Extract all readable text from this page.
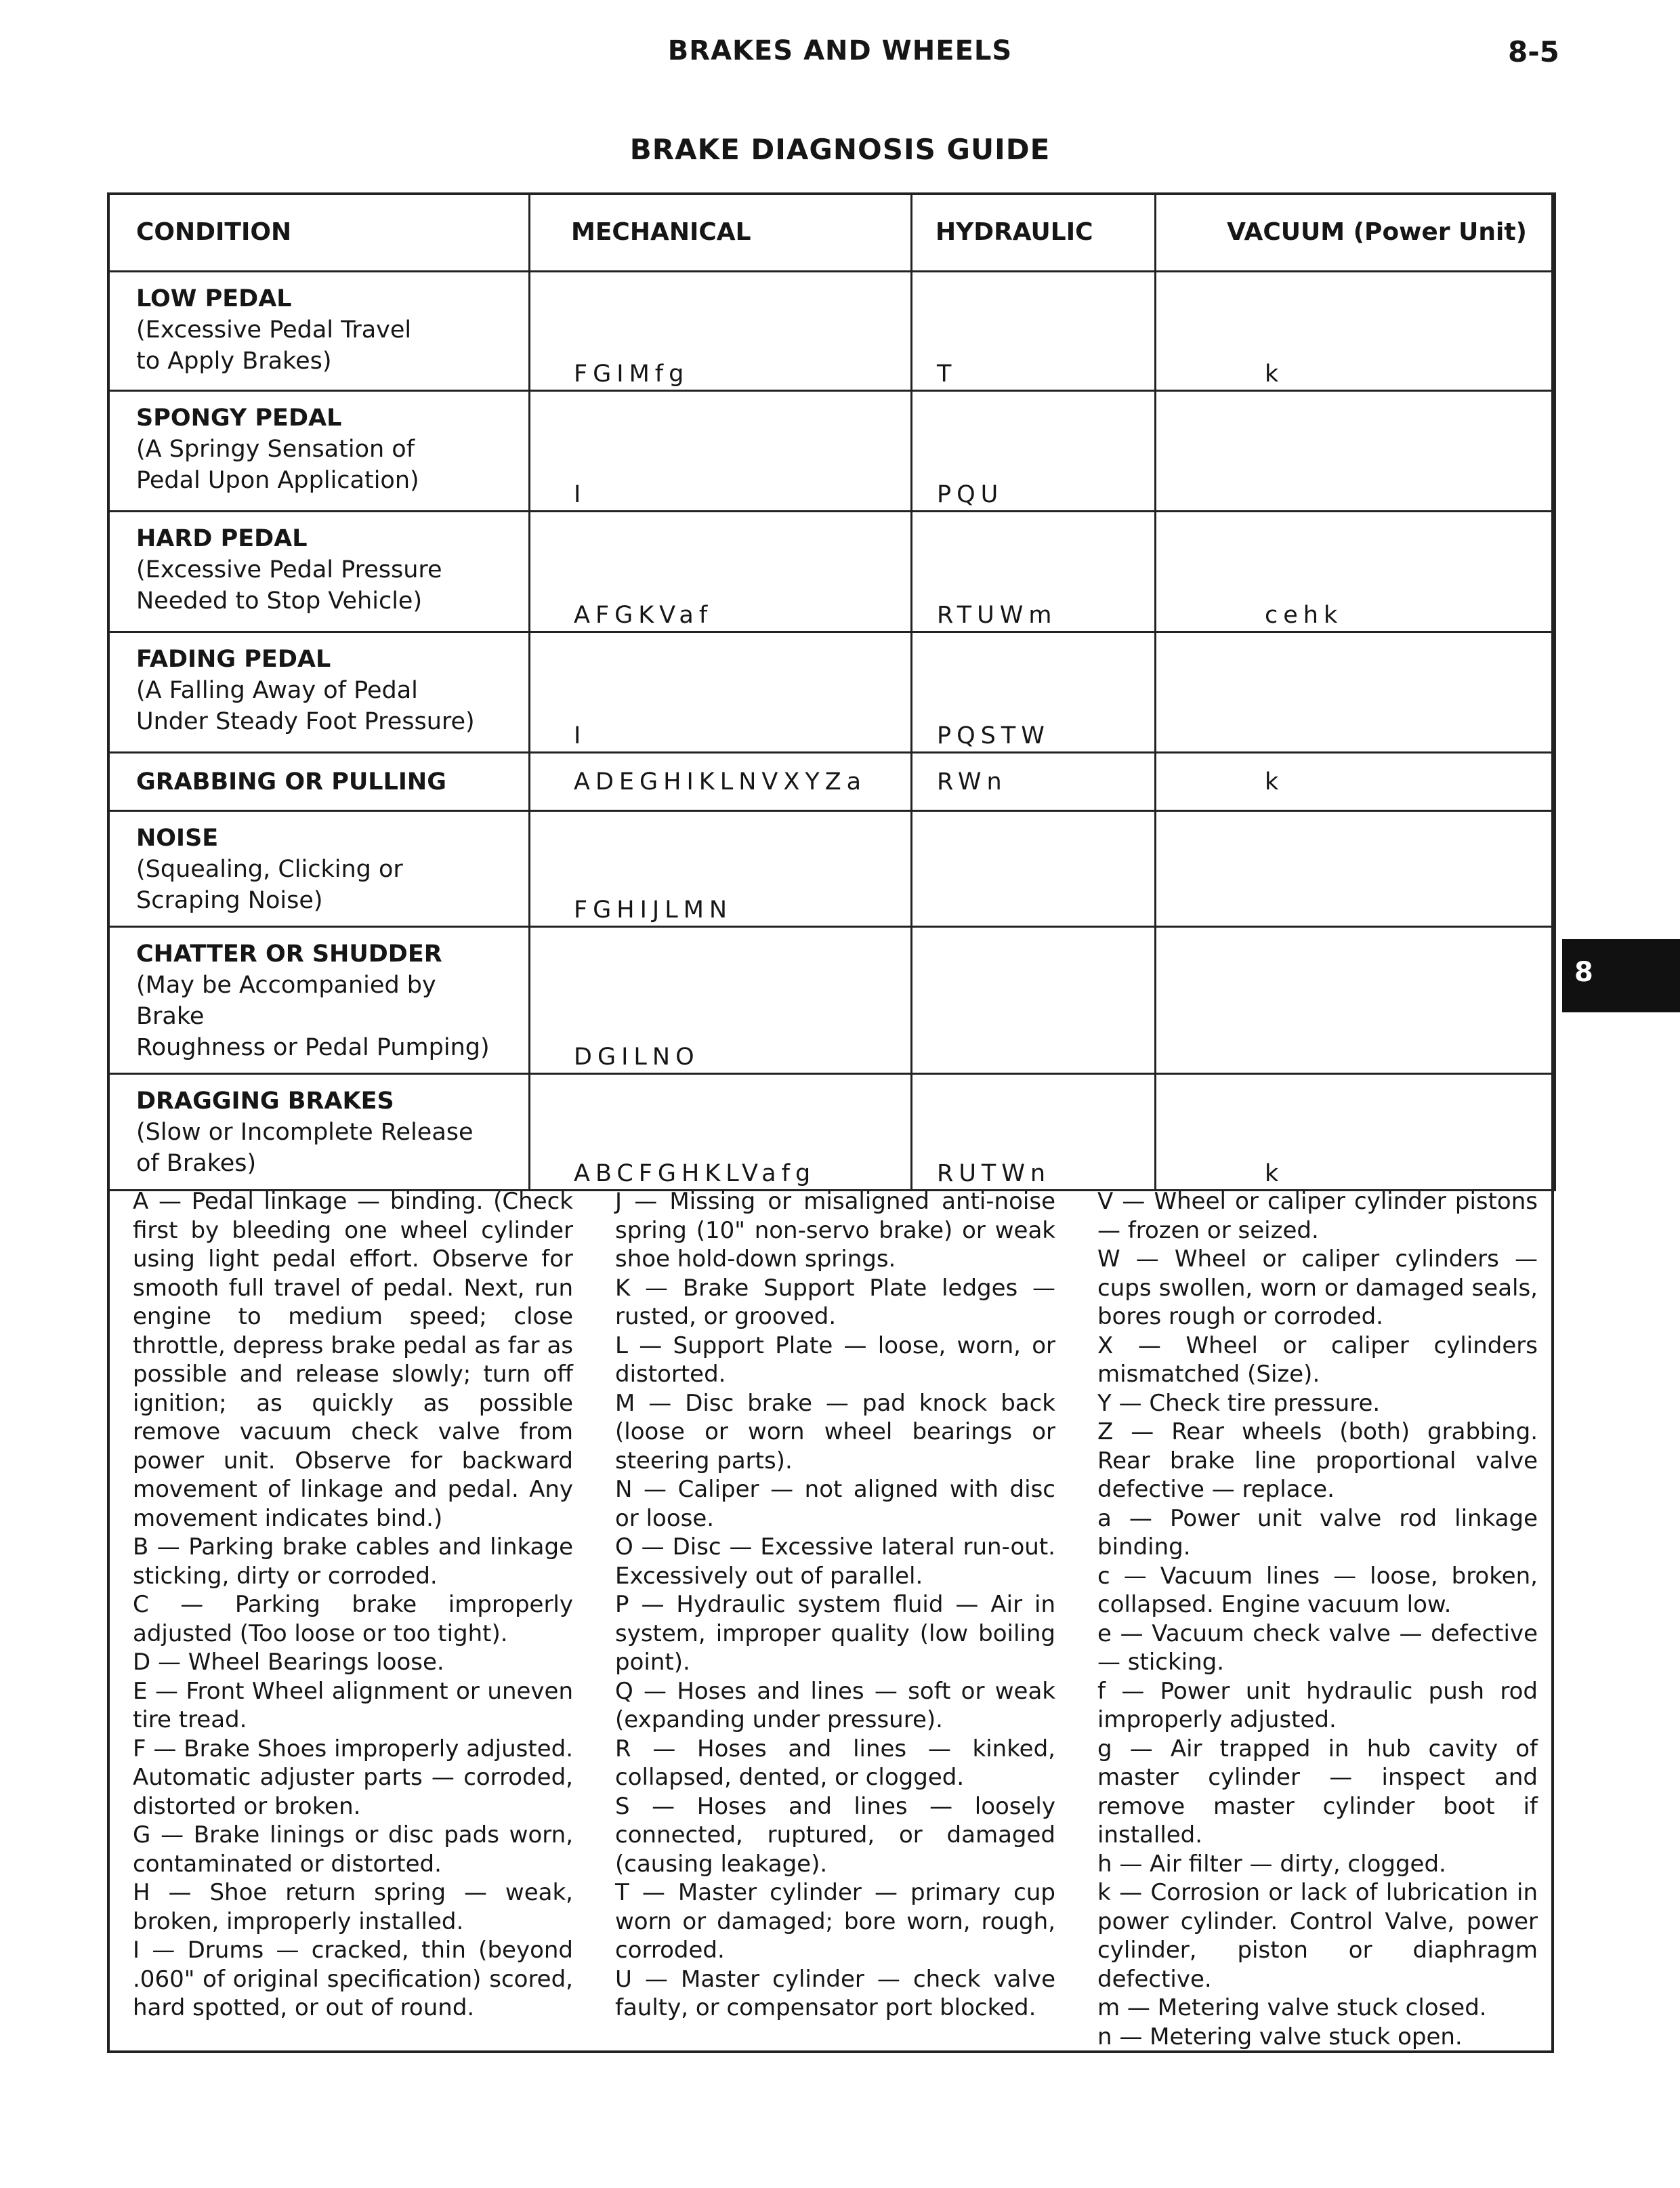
BRAKES AND WHEELS	8-5
BRAKE DIAGNOSIS GUIDE
CONDITION	MECHANICAL	HYDRAULIC	VACUUM (Power Unit)

LOW PEDAL
(Excessive Pedal Travel
to Apply Brakes)	FGIMfg	T	k

SPONGY PEDAL
(A Springy Sensation of
Pedal Upon Application)	I	PQU	

HARD PEDAL
(Excessive Pedal Pressure
Needed to Stop Vehicle)	AFGKVaf	RTUWm	cehk

FADING PEDAL
(A Falling Away of Pedal
Under Steady Foot Pressure)	I	PQSTW	

GRABBING OR PULLING	ADEGHIKLNVXYZa	RWn	k

NOISE
(Squealing, Clicking or
Scraping Noise)	FGHIJLMN		

CHATTER OR SHUDDER
(May be Accompanied by Brake
Roughness or Pedal Pumping)	DGILNO		

DRAGGING BRAKES
(Slow or Incomplete Release
of Brakes)	ABCFGHKLVafg	RUTWn	k

A — Pedal linkage — binding. (Check first by bleeding one wheel cylinder using light pedal effort. Observe for smooth full travel of pedal. Next, run engine to medium speed; close throttle, depress brake pedal as far as possible and release slowly; turn off ignition; as quickly as possible remove vacuum check valve from power unit. Observe for backward movement of linkage and pedal. Any movement indicates bind.)

B — Parking brake cables and linkage sticking, dirty or corroded.

C — Parking brake improperly adjusted (Too loose or too tight).

D — Wheel Bearings loose.

E — Front Wheel alignment or uneven tire tread.

F — Brake Shoes improperly adjusted. Automatic adjuster parts — corroded, distorted or broken.

G — Brake linings or disc pads worn, contaminated or distorted.

H — Shoe return spring — weak, broken, improperly installed.

I — Drums — cracked, thin (beyond .060" of original specification) scored, hard spotted, or out of round.

J — Missing or misaligned anti-noise spring (10" non-servo brake) or weak shoe hold-down springs.

K — Brake Support Plate ledges — rusted, or grooved.

L — Support Plate — loose, worn, or distorted.

M — Disc brake — pad knock back (loose or worn wheel bearings or steering parts).

N — Caliper — not aligned with disc or loose.

O — Disc — Excessive lateral run-out. Excessively out of parallel.

P — Hydraulic system fluid — Air in system, improper quality (low boiling point).

Q — Hoses and lines — soft or weak (expanding under pressure).

R — Hoses and lines — kinked, collapsed, dented, or clogged.

S — Hoses and lines — loosely connected, ruptured, or damaged (causing leakage).

T — Master cylinder — primary cup worn or damaged; bore worn, rough, corroded.

U — Master cylinder — check valve faulty, or compensator port blocked.

V — Wheel or caliper cylinder pistons — frozen or seized.

W — Wheel or caliper cylinders — cups swollen, worn or damaged seals, bores rough or corroded.

X — Wheel or caliper cylinders mismatched (Size).

Y — Check tire pressure.

Z — Rear wheels (both) grabbing. Rear brake line proportional valve defective — replace.

a — Power unit valve rod linkage binding.

c — Vacuum lines — loose, broken, collapsed. Engine vacuum low.

e — Vacuum check valve — defective — sticking.

f — Power unit hydraulic push rod improperly adjusted.

g — Air trapped in hub cavity of master cylinder — inspect and remove master cylinder boot if installed.

h — Air filter — dirty, clogged.

k — Corrosion or lack of lubrication in power cylinder. Control Valve, power cylinder, piston or diaphragm defective.

m — Metering valve stuck closed.

n — Metering valve stuck open.

8
